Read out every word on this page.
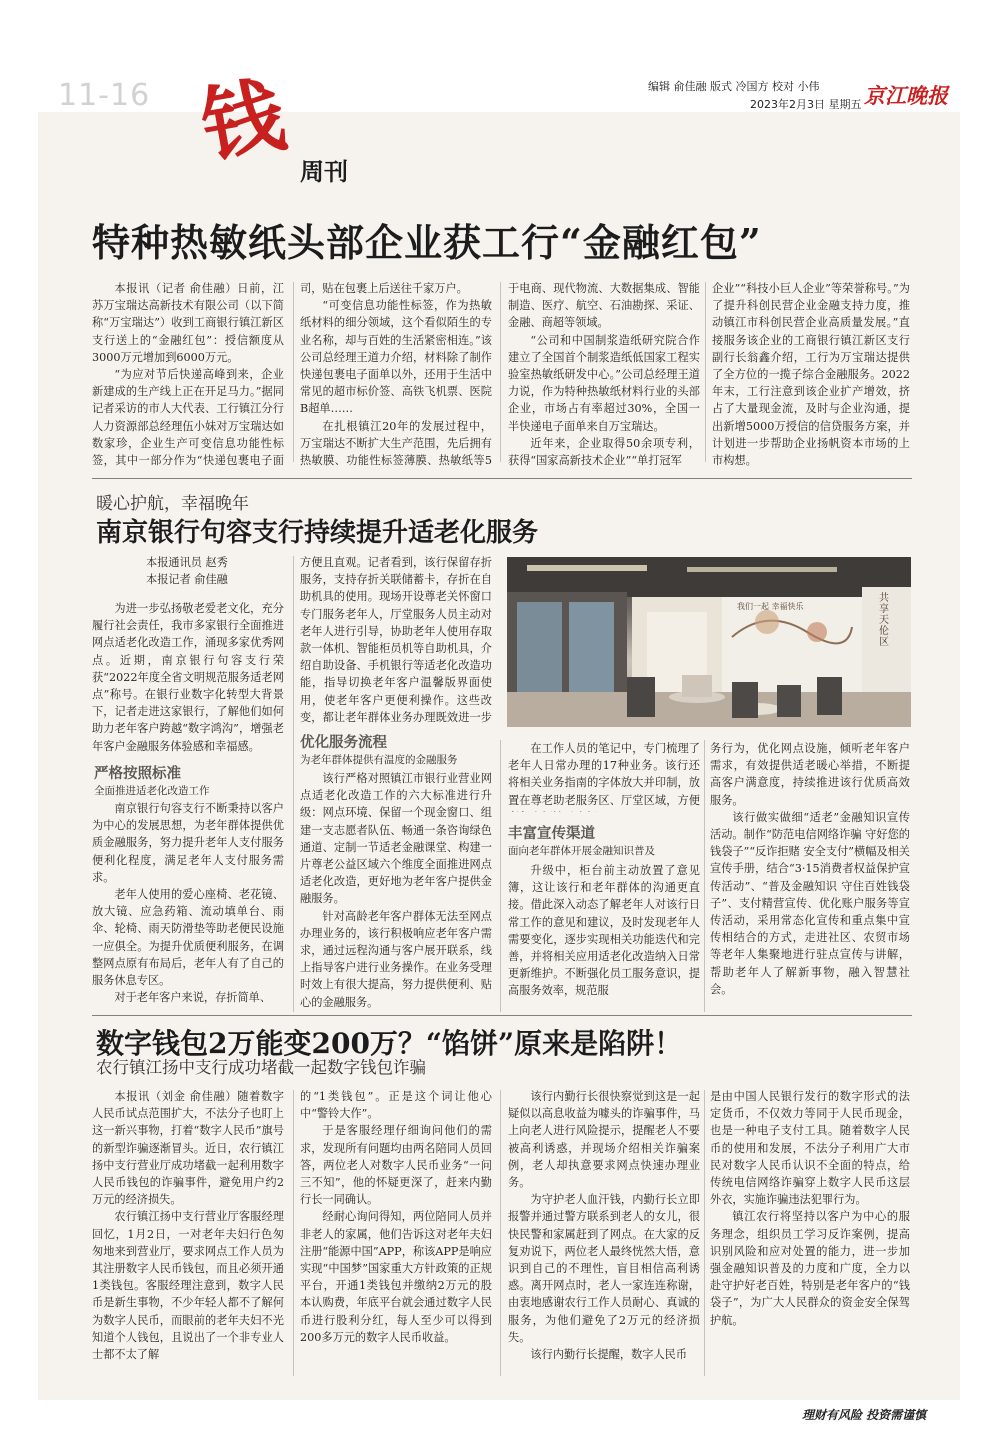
11-16	编辑 俞佳融 版式 冷国方 校对 小伟
2023年2月3日 星期五 京江晚报
钱 周刊
特种热敏纸头部企业获工行“金融红包”

本报讯（记者 俞佳融）日前，江苏万宝瑞达高新技术有限公司（以下简称“万宝瑞达”）收到工商银行镇江新区支行送上的“金融红包”：授信额度从3000万元增加到6000万元。

“为应对节后快递高峰到来，企业新建成的生产线上正在开足马力。”据同记者采访的市人大代表、工行镇江分行人力资源部总经理伍小妹对万宝瑞达如数家珍，企业生产可变信息功能性标签，其中一部分作为“快递包裹电子面

司，贴在包裹上后送往千家万户。

“可变信息功能性标签，作为热敏纸材料的细分领域，这个看似陌生的专业名称，却与百姓的生活紧密相连。”该公司总经理王道力介绍，材料除了制作快递包裹电子面单以外，还用于生活中常见的超市标价签、高铁飞机票、医院B超单……

在扎根镇江20年的发展过程中，万宝瑞达不断扩大生产范围，先后拥有热敏膜、功能性标签薄膜、热敏纸等5

于电商、现代物流、大数据集成、智能制造、医疗、航空、石油勘探、采证、金融、商超等领域。

“公司和中国制浆造纸研究院合作建立了全国首个制浆造纸低国家工程实验室热敏纸研发中心。”公司总经理王道力说，作为特种热敏纸材料行业的头部企业，市场占有率超过30%，全国一半快递电子面单来自万宝瑞达。

近年来，企业取得50余项专利，获得“国家高新技术企业”“单打冠军

企业”“科技小巨人企业”等荣誉称号。”为了提升科创民营企业金融支持力度，推动镇江市科创民营企业高质量发展。”直接服务该企业的工商银行镇江新区支行副行长翁鑫介绍，工行为万宝瑞达提供了全方位的一揽子综合金融服务。2022年末，工行注意到该企业扩产增效，挤占了大量现金流，及时与企业沟通，提出新增5000万授信的信贷服务方案，并计划进一步帮助企业扬帆资本市场的上市构想。

暖心护航，幸福晚年
南京银行句容支行持续提升适老化服务
本报通讯员 赵秀
本报记者 俞佳融

为进一步弘扬敬老爱老文化，充分履行社会责任，我市多家银行全面推进网点适老化改造工作，涌现多家优秀网点。近期，南京银行句容支行荣获“2022年度全省文明规范服务适老网点”称号。在银行业数字化转型大背景下，记者走进这家银行，了解他们如何助力老年客户跨越“数字鸿沟”，增强老年客户金融服务体验感和幸福感。

严格按照标准
全面推进适老化改造工作

南京银行句容支行不断秉持以客户为中心的发展思想，为老年群体提供优质金融服务，努力提升老年人支付服务便利化程度，满足老年人支付服务需求。

老年人使用的爱心座椅、老花镜、放大镜、应急药箱、流动填单台、雨伞、轮椅、雨天防滑垫等助老便民设施一应俱全。为提升优质便利服务，在调整网点原有布局后，老年人有了自己的服务休息专区。

对于老年客户来说，存折简单、

方便且直观。记者看到，该行保留存折服务，支持存折关联储蓄卡，存折在自助机具的使用。现场开设尊老关怀窗口专门服务老年人，厅堂服务人员主动对老年人进行引导，协助老年人使用存取款一体机、智能柜员机等自助机具，介绍自助设备、手机银行等适老化改造功能，指导切换老年客户温馨版界面使用，使老年客户更便利操作。这些改变，都让老年群体业务办理既效进一步

优化服务流程
为老年群体提供有温度的金融服务

该行严格对照镇江市银行业营业网点适老化改造工作的六大标准进行升级：网点环境、保留一个现金窗口、组建一支志愿者队伍、畅通一条咨询绿色通道、定制一节适老金融课堂、构建一片尊老公益区域六个维度全面推进网点适老化改造，更好地为老年客户提供金融服务。

针对高龄老年客户群体无法至网点办理业务的，该行积极响应老年客户需求，通过远程沟通与客户展开联系，线上指导客户进行业务操作。在业务受理时效上有很大提高，努力提供便利、贴心的金融服务。

共享天伦区
我们一起 幸福快乐

在工作人员的笔记中，专门梳理了老年人日常办理的17种业务。该行还将相关业务指南的字体放大并印制，放置在尊老助老服务区、厅堂区域，方便

丰富宣传渠道
面向老年群体开展金融知识普及

升级中，柜台前主动放置了意见簿，这让该行和老年群体的沟通更直接。借此深入动态了解老年人对该行日常工作的意见和建议，及时发现老年人需要变化，逐步实现相关功能迭代和完善，并将相关应用适老化改造纳入日常更新维护。不断强化员工服务意识，提高服务效率，规范服

务行为，优化网点设施，倾听老年客户需求，有效提供适老暖心举措，不断提高客户满意度，持续推进该行优质高效服务。

该行做实做细“适老”金融知识宣传活动。制作“防范电信网络诈骗 守好您的钱袋子”“反诈拒赌 安全支付”横幅及相关宣传手册，结合“3·15消费者权益保护宣传活动”、“普及金融知识 守住百姓钱袋子”、支付精营宣传、优化账户服务等宣传活动，采用常态化宣传和重点集中宣传相结合的方式，走进社区、农贸市场等老年人集聚地进行驻点宣传与讲解，帮助老年人了解新事物，融入智慧社会。

数字钱包2万能变200万？“馅饼”原来是陷阱！
农行镇江扬中支行成功堵截一起数字钱包诈骗

本报讯（刘金 俞佳融）随着数字人民币试点范围扩大，不法分子也盯上这一新兴事物，打着“数字人民币”旗号的新型诈骗逐渐冒头。近日，农行镇江扬中支行营业厅成功堵截一起利用数字人民币钱包的诈骗事件，避免用户约2万元的经济损失。

农行镇江扬中支行营业厅客服经理回忆，1月2日，一对老年夫妇行色匆匆地来到营业厅，要求网点工作人员为其注册数字人民币钱包，而且必须开通1类钱包。客服经理注意到，数字人民币是新生事物，不少年轻人都不了解何为数字人民币，而眼前的老年夫妇不光知道个人钱包，且说出了一个非专业人士都不太了解

的“1类钱包”。正是这个词让他心中“警铃大作”。

于是客服经理仔细询问他们的需求，发现所有问题均由两名陪同人员回答，两位老人对数字人民币业务“一问三不知”，他的怀疑更深了，赶来内勤行长一同确认。

经耐心询问得知，两位陪同人员并非老人的家属，他们告诉这对老年夫妇注册“能源中国”APP，称该APP是响应实现“中国梦”国家重大方针政策的正规平台，开通1类钱包并缴纳2万元的股本认购费，年底平台就会通过数字人民币进行股利分红，每人至少可以得到200多万元的数字人民币收益。

该行内勤行长很快察觉到这是一起疑似以高息收益为噱头的诈骗事件，马上向老人进行风险提示，提醒老人不要被高利诱惑，并现场介绍相关诈骗案例，老人却执意要求网点快速办理业务。

为守护老人血汗钱，内勤行长立即报警并通过警方联系到老人的女儿，很快民警和家属赶到了网点。在大家的反复劝说下，两位老人最终恍然大悟，意识到自己的不理性，盲目相信高利诱惑。离开网点时，老人一家连连称谢，由衷地感谢农行工作人员耐心、真诚的服务，为他们避免了2万元的经济损失。

该行内勤行长提醒，数字人民币

是由中国人民银行发行的数字形式的法定货币，不仅效力等同于人民币现金，也是一种电子支付工具。随着数字人民币的使用和发展，不法分子利用广大市民对数字人民币认识不全面的特点，给传统电信网络诈骗穿上数字人民币这层外衣，实施诈骗违法犯罪行为。

镇江农行将坚持以客户为中心的服务理念，组织员工学习反诈案例，提高识别风险和应对处置的能力，进一步加强金融知识普及的力度和广度，全力以赴守护好老百姓，特别是老年客户的“钱袋子”，为广大人民群众的资金安全保驾护航。

理财有风险 投资需谨慎
